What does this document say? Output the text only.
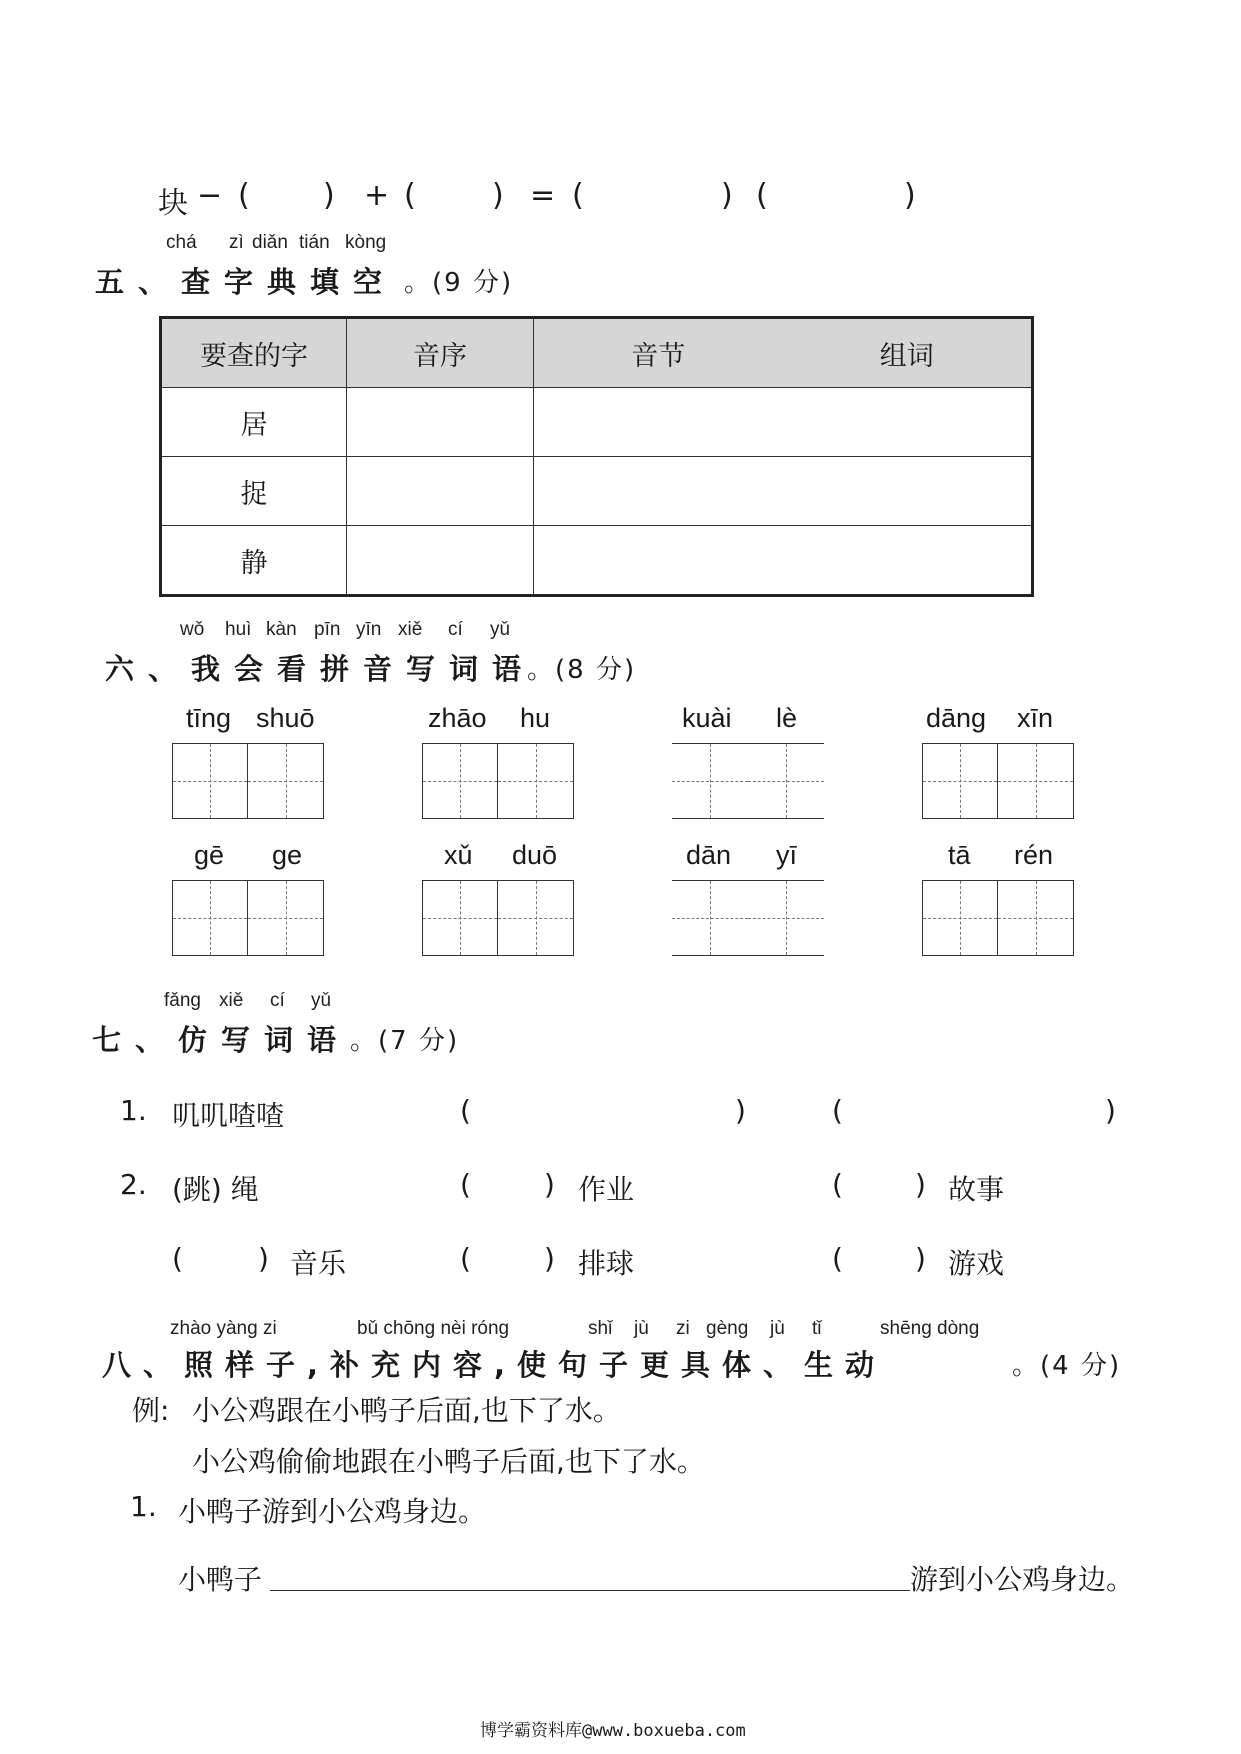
块 − ( ) + (	) = (	) (	)
chá zì diǎn tián kòng
五、查字典填空 。(9 分)
要查的字	音序	音节 组词

居		
捉		
静		
wǒ huì kàn pīn yīn xiě cí yǔ
六、我会看拼音写词语
。(8 分)
tīng shuō	zhāo hu	kuài lè	dāng xīn
gē ge	xǔ duō	dān yī	tā rén
fǎng xiě cí yǔ
七、仿写词语 。(7 分)
1. 叽叽喳喳	(	)	(	)
2. (跳) 绳	(	) 作业	(	) 故事
(	) 音乐	(	) 排球	(	) 游戏
zhào yàng zi	bǔ chōng nèi róng	shǐ jù zi gèng jù tǐ	shēng dòng
八、照样子,补充内容,使句子更具体、生动	。(4 分)
例: 小公鸡跟在小鸭子后面,也下了水。
小公鸡偷偷地跟在小鸭子后面,也下了水。
1. 小鸭子游到小公鸡身边。
小鸭子	游到小公鸡身边。
博学霸资料库@www.boxueba.com
